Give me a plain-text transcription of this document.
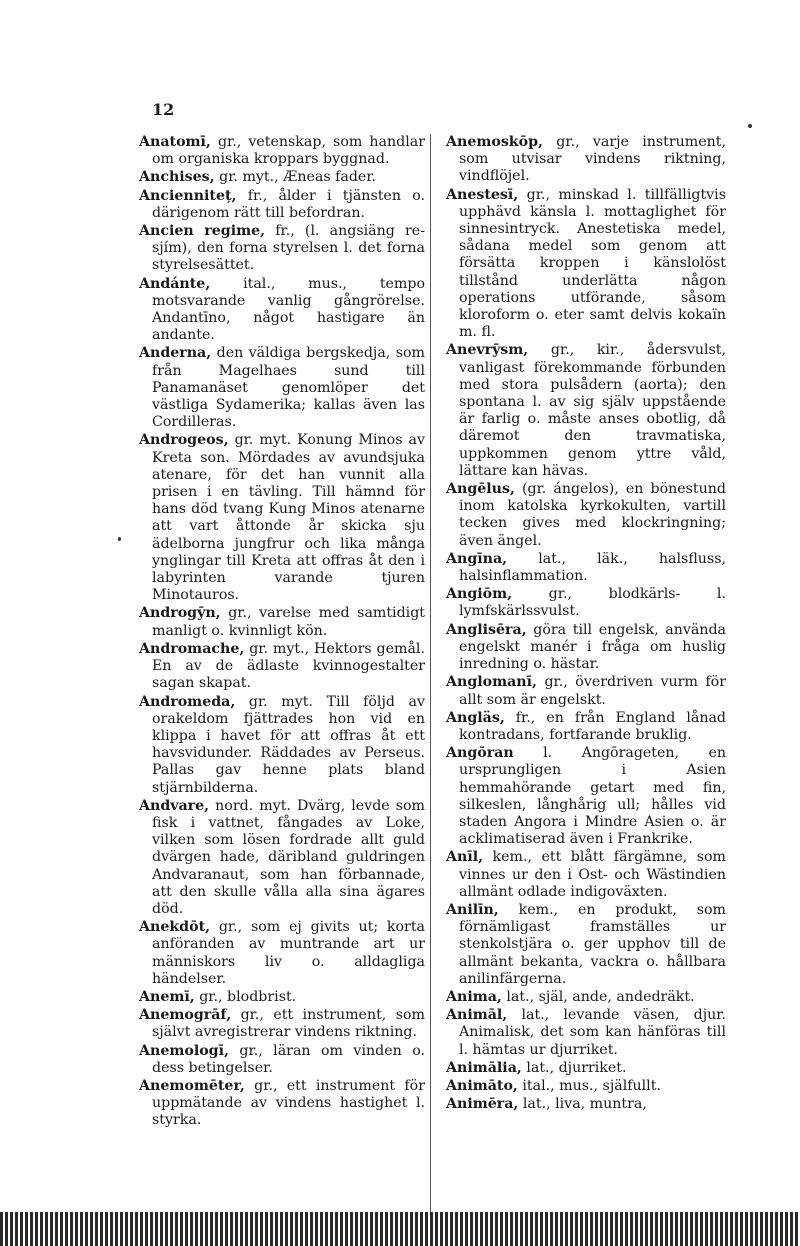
12

Anatomī, gr., vetenskap, som handlar om organiska kroppars byggnad.

Anchises, gr. myt., Æneas fader.

Ancienniteț, fr., ålder i tjänsten o. därigenom rätt till befordran.

Ancien regime, fr., (l. angsiäng re-sjím), den forna styrelsen l. det forna styrelsesättet.

Andánte, ital., mus., tempo motsvarande vanlig gångrörelse. Andantīno, något hastigare än andante.

Anderna, den väldiga bergskedja, som från Magelhaes sund till Panamanäset genomlöper det västliga Sydamerika; kallas även las Cordilleras.

Androgeos, gr. myt. Konung Minos av Kreta son. Mördades av avundsjuka atenare, för det han vunnit alla prisen i en tävling. Till hämnd för hans död tvang Kung Minos atenarne att vart åttonde år skicka sju ädelborna jungfrur och lika många ynglingar till Kreta att offras åt den i labyrinten varande tjuren Minotauros.

Androgȳn, gr., varelse med samtidigt manligt o. kvinnligt kön.

Andromache, gr. myt., Hektors gemål. En av de ädlaste kvinnogestalter sagan skapat.

Andromeda, gr. myt. Till följd av orakeldom fjättrades hon vid en klippa i havet för att offras åt ett havsvidunder. Räddades av Perseus. Pallas gav henne plats bland stjärnbilderna.

Andvare, nord. myt. Dvärg, levde som fisk i vattnet, fångades av Loke, vilken som lösen fordrade allt guld dvärgen hade, däribland guldringen Andvaranaut, som han förbannade, att den skulle vålla alla sina ägares död.

Anekdōt, gr., som ej givits ut; korta anföranden av muntrande art ur människors liv o. alldagliga händelser.

Anemī, gr., blodbrist.

Anemogrāf, gr., ett instrument, som självt avregistrerar vindens riktning.

Anemologī, gr., läran om vinden o. dess betingelser.

Anemomēter, gr., ett instrument för uppmätande av vindens hastighet l. styrka.

Anemoskōp, gr., varje instrument, som utvisar vindens riktning, vindflöjel.

Anestesī, gr., minskad l. tillfälligtvis upphävd känsla l. mottaglighet för sinnesintryck. Anestetiska medel, sådana medel som genom att försätta kroppen i känslolöst tillstånd underlätta någon operations utförande, såsom kloroform o. eter samt delvis kokaïn m. fl.

Anevrȳsm, gr., kir., ådersvulst, vanligast förekommande förbunden med stora pulsådern (aorta); den spontana l. av sig själv uppstående är farlig o. måste anses obotlig, då däremot den travmatiska, uppkommen genom yttre våld, lättare kan hävas.

Angēlus, (gr. ángelos), en bönestund inom katolska kyrkokulten, vartill tecken gives med klockringning; även ängel.

Angīna, lat., läk., halsfluss, halsinflammation.

Angiōm,	gr., blodkärls- l. lymfskärlssvulst.

Anglisēra, göra till engelsk, använda engelskt manér i fråga om huslig inredning o. hästar.

Anglomanī, gr., överdriven vurm för allt som är engelskt.

Angläs, fr., en från England lånad kontradans, fortfarande bruklig.

Angōran l. Angōrageten, en ursprungligen i Asien hemmahörande getart med fin, silkeslen, långhårig ull; hålles vid staden Angora i Mindre Asien o. är acklimatiserad även i Frankrike.

Anīl, kem., ett blått färgämne, som vinnes ur den i Ost- och Wästindien allmänt odlade indigoväxten.

Anilīn, kem., en produkt, som förnämligast framställes ur stenkolstjära o. ger upphov till de allmänt bekanta, vackra o. hållbara anilinfärgerna.

Anima, lat., själ, ande, andedräkt.

Animāl, lat., levande väsen, djur. Animalisk, det som kan hänföras till l. hämtas ur djurriket.

Animālia, lat., djurriket.

Animāto, ital., mus., själfullt.

Animēra, lat., liva, muntra,
